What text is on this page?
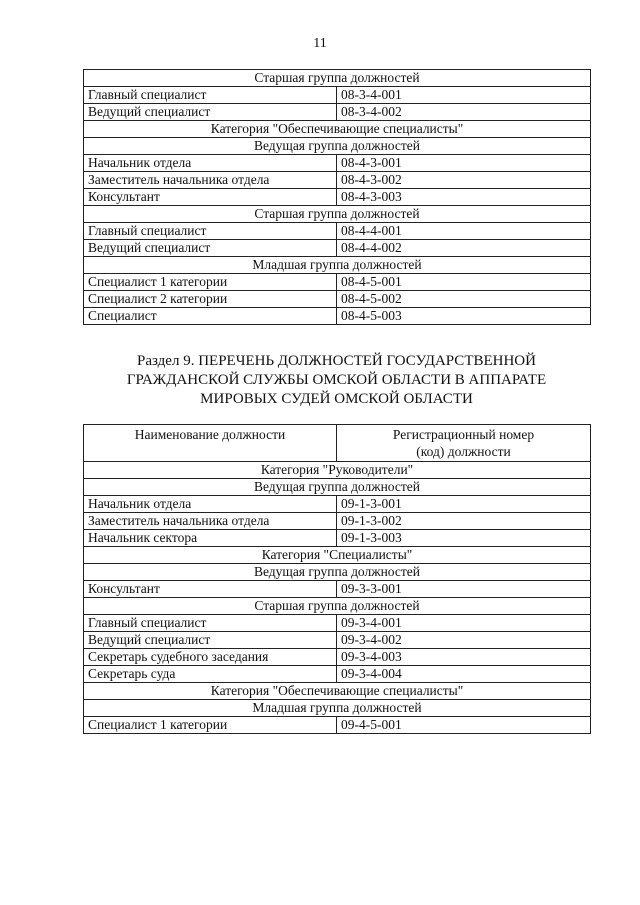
11
Старшая группа должностей	
Главный специалист	08-3-4-001
Ведущий специалист	08-3-4-002
Категория "Обеспечивающие специалисты"	
Ведущая группа должностей	
Начальник отдела	08-4-3-001
Заместитель начальника отдела	08-4-3-002
Консультант	08-4-3-003
Старшая группа должностей	
Главный специалист	08-4-4-001
Ведущий специалист	08-4-4-002
Младшая группа должностей	
Специалист 1 категории	08-4-5-001
Специалист 2 категории	08-4-5-002
Специалист	08-4-5-003
Раздел 9. ПЕРЕЧЕНЬ ДОЛЖНОСТЕЙ ГОСУДАРСТВЕННОЙ
ГРАЖДАНСКОЙ СЛУЖБЫ ОМСКОЙ ОБЛАСТИ В АППАРАТЕ
МИРОВЫХ СУДЕЙ ОМСКОЙ ОБЛАСТИ
Наименование должности	Регистрационный номер
(код) должности
Категория "Руководители"	
Ведущая группа должностей	
Начальник отдела	09-1-3-001
Заместитель начальника отдела	09-1-3-002
Начальник сектора	09-1-3-003
Категория "Специалисты"	
Ведущая группа должностей	
Консультант	09-3-3-001
Старшая группа должностей	
Главный специалист	09-3-4-001
Ведущий специалист	09-3-4-002
Секретарь судебного заседания	09-3-4-003
Секретарь суда	09-3-4-004
Категория "Обеспечивающие специалисты"	
Младшая группа должностей	
Специалист 1 категории	09-4-5-001
